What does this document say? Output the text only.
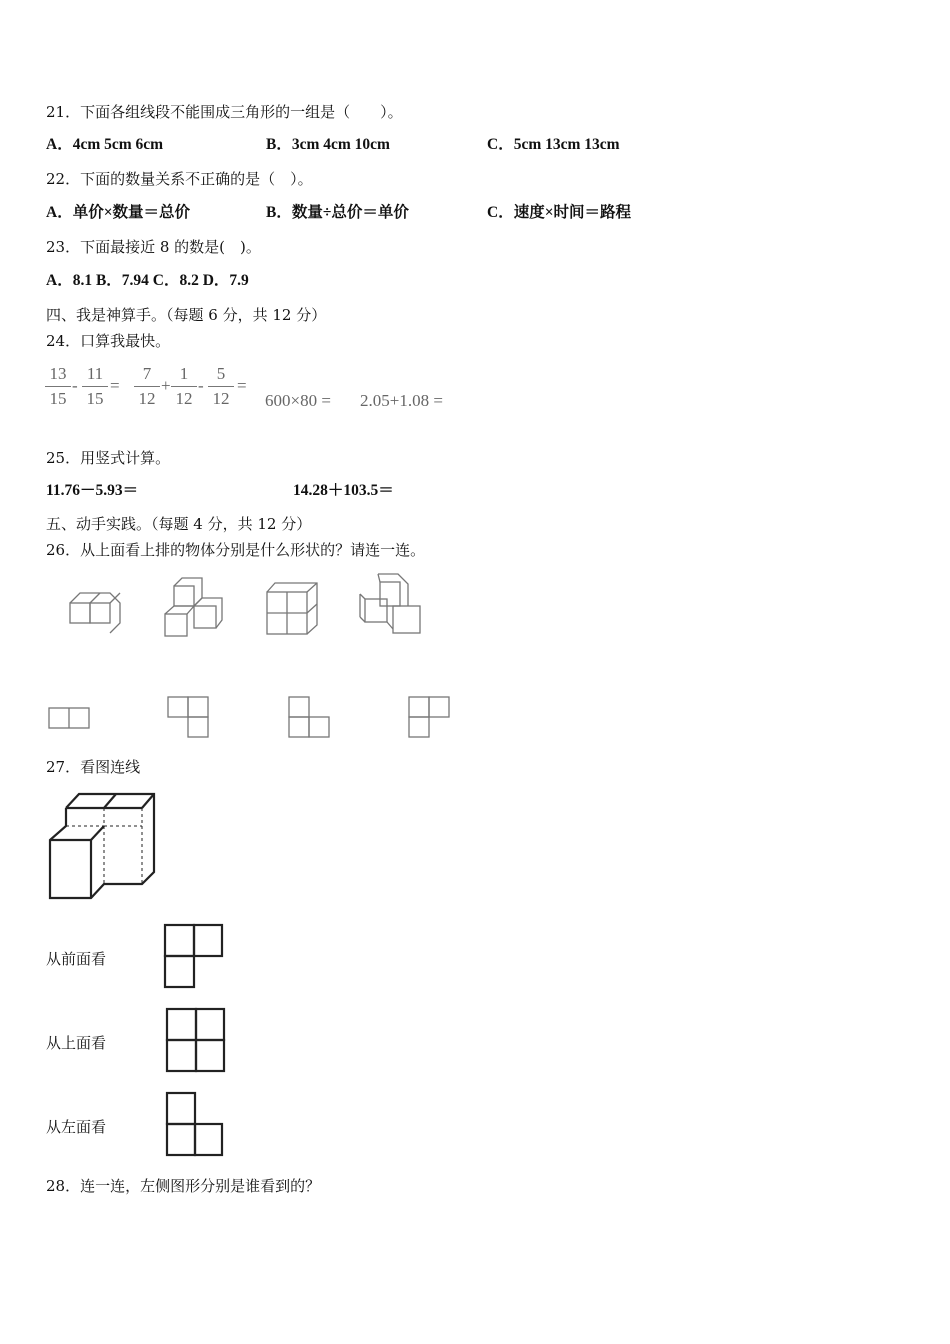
21．下面各组线段不能围成三角形的一组是（　　）。
A．4cm 5cm 6cm	B．3cm 4cm 10cm	C．5cm 13cm 13cm
22．下面的数量关系不正确的是（　）。
A．单价×数量＝总价	B．数量÷总价＝单价	C．速度×时间＝路程
23．下面最接近 8 的数是(　)。
A．8.1 B．7.94 C．8.2 D．7.9
四、我是神算手。（每题 6 分，共 12 分）
24．口算我最快。
13
15
-
11
15
=
7
12
+
1
12
-
5
12
=
600×80 = 2.05+1.08 =
25．用竖式计算。
11.76－5.93＝	14.28＋103.5＝
五、动手实践。（每题 4 分，共 12 分）
26．从上面看上排的物体分别是什么形状的？请连一连。
27．看图连线
从前面看
从上面看
从左面看
28．连一连，左侧图形分别是谁看到的？
